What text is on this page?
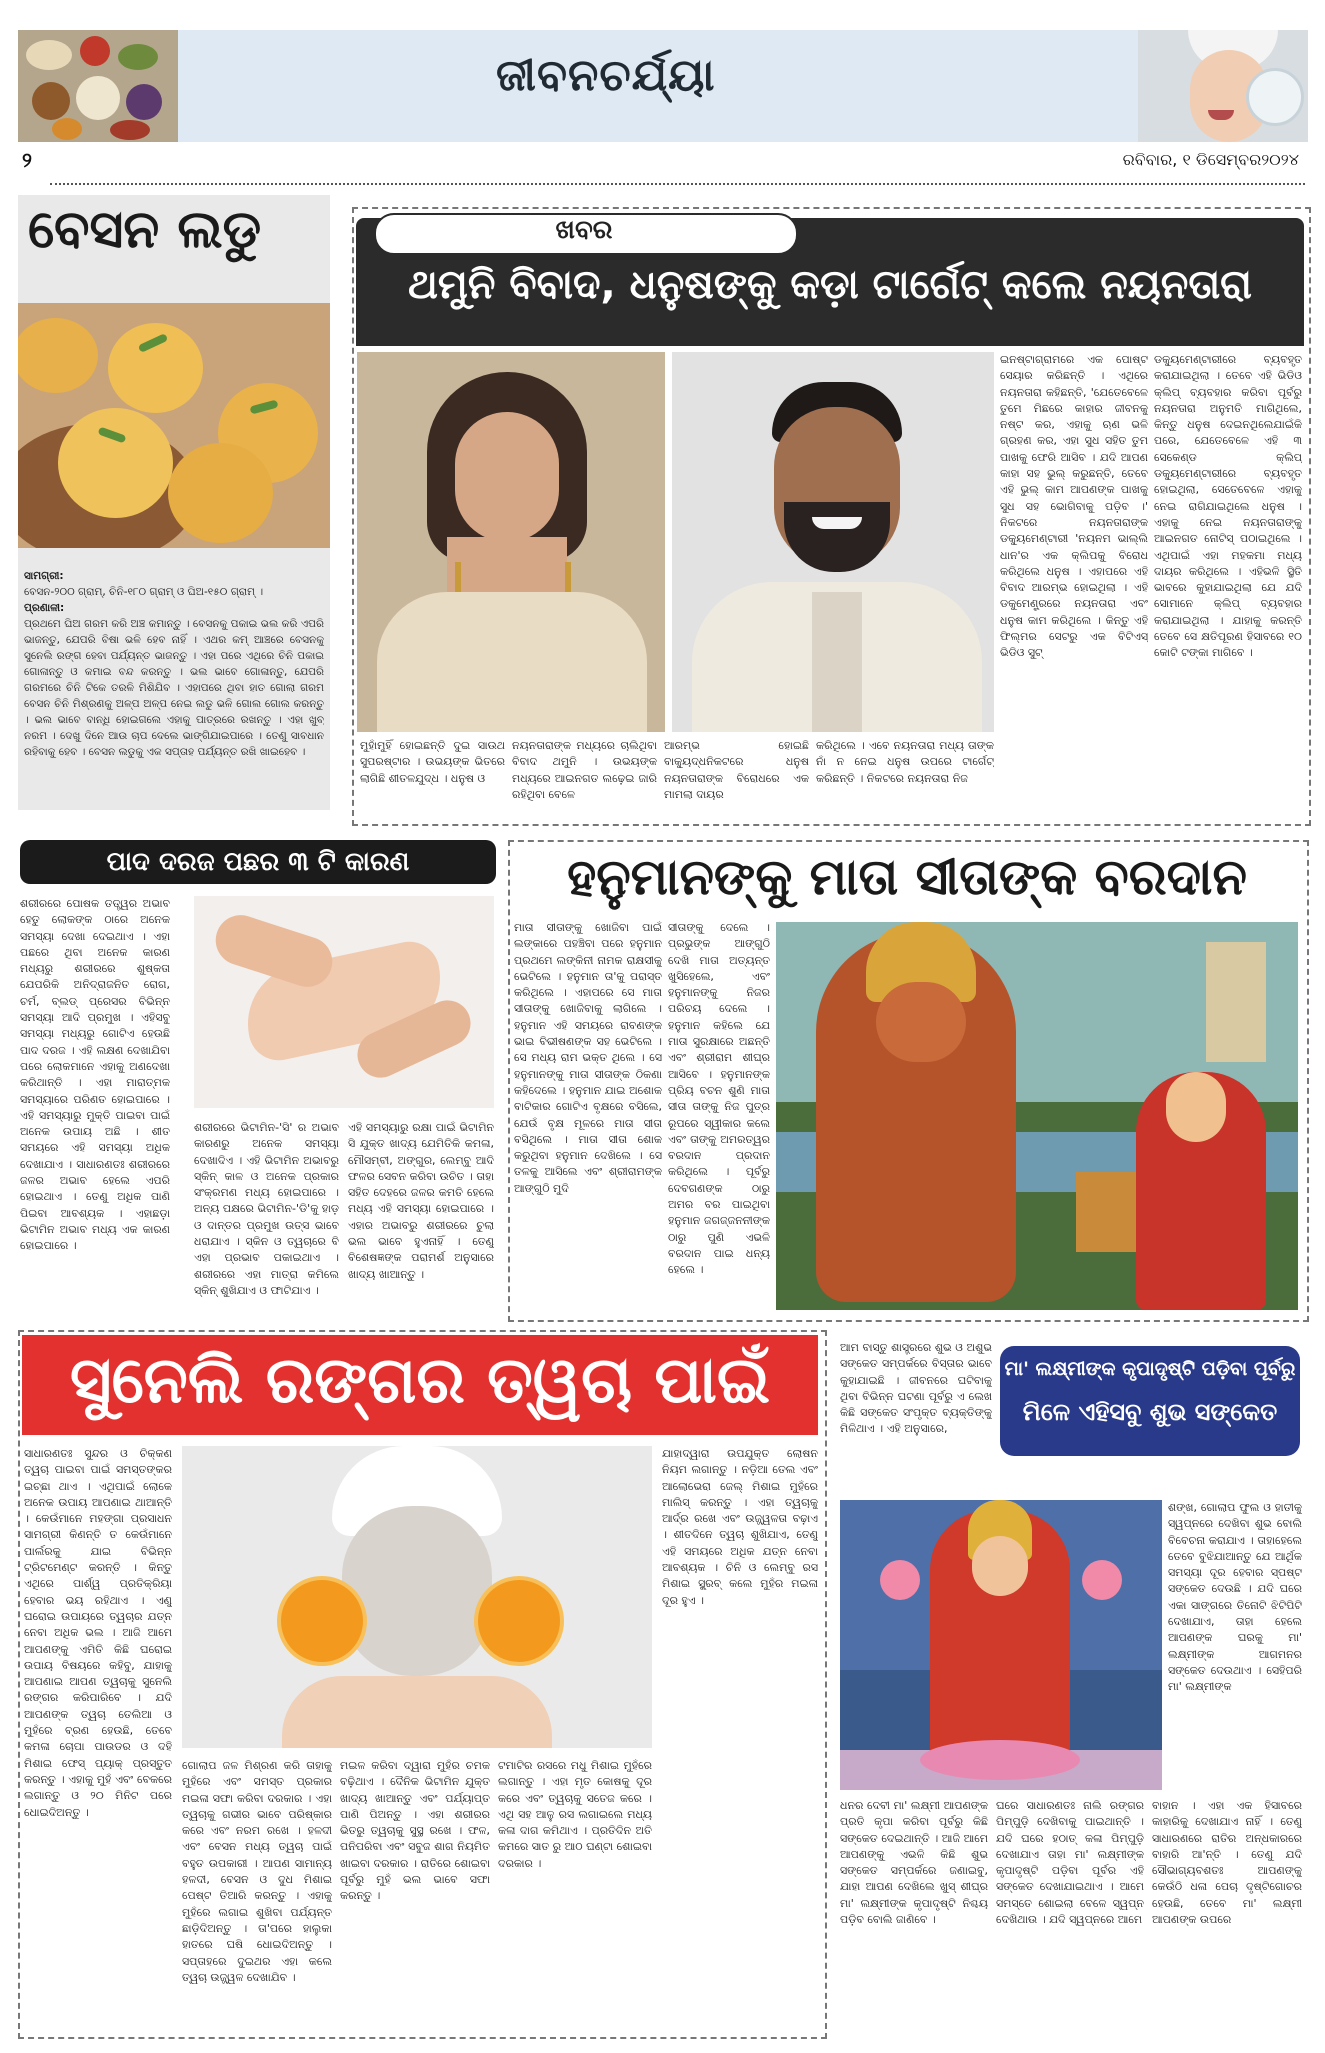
ଜୀବନଚର୍ଯ୍ୟା
୨	ରବିବାର, ୧ ଡିସେମ୍ବର୨୦୨୪
ବେସନ ଲଡୁ
ସାମଗ୍ରୀ:

ବେସନ-୨୦୦ ଗ୍ରାମ୍, ଚିନି-୧୮୦ ଗ୍ରାମ୍ ଓ ଘିଅ-୧୫୦ ଗ୍ରାମ୍ ।

ପ୍ରଣାଳୀ:

ପ୍ରଥମେ ଘିଅ ଗରମ କରି ଅଞ୍ଚ କମାନ୍ତୁ । ବେସନକୁ ପକାଇ ଭଲ କରି ଏପରି ଭାଜନ୍ତୁ, ଯେପରି ବିଷା ଭଳି ହେବ ନାହିଁ । ଏଥର କମ୍ ଆଞ୍ଚରେ ବେସନକୁ ସୁନେଲି ରଙ୍ଗ ହେବା ପର୍ଯ୍ୟନ୍ତ ଭାଜନ୍ତୁ । ଏହା ପରେ ଏଥିରେ ଚିନି ପକାଇ ଗୋଳାନ୍ତୁ ଓ କମାଇ ବନ୍ଦ କରନ୍ତୁ । ଭଲ ଭାବେ ଗୋଳାନ୍ତୁ, ଯେପରି ଗରମରେ ଚିନି ଟିକେ ତରଳି ମିଶିଯିବ । ଏହାପରେ ଥିବା ହାତ ଗୋଲା ଗରମ ବେସନ ଚିନି ମିଶ୍ରଣକୁ ଅଳ୍ପ ଅଳ୍ପ ନେଇ ଲଡୁ ଭଳି ଗୋଲ ଗୋଲ କରନ୍ତୁ । ଭଲ ଭାବେ ବାନ୍ଧି ହୋଇଗଲେ ଏହାକୁ ପାତ୍ରରେ ରଖନ୍ତୁ । ଏହା ଖୁବ୍ ନରମ । ଦେଖୁ ଦିନେ ଆଉ ଚାପ ଦେଲେ ଭାଙ୍ଗିଯାଇପାରେ । ତେଣୁ ସାବଧାନ ରହିବାକୁ ହେବ । ବେସନ ଲଡୁକୁ ଏକ ସପ୍ତାହ ପର୍ଯ୍ୟନ୍ତ ରଖି ଖାଇହେବ ।

ଖବର
ଥମୁନି ବିବାଦ, ଧନୁଷଙ୍କୁ କଡ଼ା ଟାର୍ଗେଟ୍ କଲେ ନୟନତାରା
ମୁହାଁମୁହିଁ ହୋଇଛନ୍ତି ଦୁଇ ସାଉଥ ସୁପରଷ୍ଟାର । ଉଭୟଙ୍କ ଭିତରେ ଲାଗିଛି ଶୀତଳଯୁଦ୍ଧ । ଧନୁଷ ଓ
ନୟନତାରାଙ୍କ ମଧ୍ୟରେ ଚାଲିଥିବା ବିବାଦ ଥମୁନି । ଉଭୟଙ୍କ ମଧ୍ୟରେ ଆଇନଗତ ଲଢ଼େଇ ଜାରି ରହିଥିବା ବେଳେ
ଆରମ୍ଭ ହୋଇଛି ବାକ୍ୟୁଦ୍ଧନିକଟରେ ଧନୁଷ ନୟନତାରାଙ୍କ ବିରୋଧରେ ଏକ ମାମଲା ଦାୟର
କରିଥିଲେ । ଏବେ ନୟନତାରା ମଧ୍ୟ ତାଙ୍କ ନାଁ ନ ନେଇ ଧନୁଷ ଉପରେ ଟାର୍ଗେଟ୍ କରିଛନ୍ତି । ନିକଟରେ ନୟନତାରା ନିଜ
ଇନଷ୍ଟାଗ୍ରାମରେ ଏକ ପୋଷ୍ଟ ସେୟାର କରିଛନ୍ତି । ଏଥିରେ ନୟନତାରା କହିଛନ୍ତି, 'ଯେତେବେଳେ ତୁମେ ମିଛରେ କାହାର ଜୀବନକୁ ନଷ୍ଟ କର, ଏହାକୁ ଋଣ ଭଳି ଗ୍ରହଣ କର, ଏହା ସୁଧ ସହିତ ତୁମ ପାଖକୁ ଫେରି ଆସିବ । ଯଦି ଆପଣ କାହା ସହ ଭୁଲ୍ କରୁଛନ୍ତି, ତେବେ ଏହି ଭୁଲ୍ କାମ ଆପଣଙ୍କ ପାଖକୁ ସୁଧ ସହ ଭୋଗିବାକୁ ପଡ଼ିବ ।' ନିକଟରେ ନୟନତାରାଙ୍କ ଡକ୍ୟୁମେଣ୍ଟାରୀ 'ନୟନମ ଭାଲ୍ଲି ଧାନ'ର ଏକ କ୍ଲିପକୁ ବିରୋଧ କରିଥିଲେ ଧନୁଷ । ଏହାପରେ ଏହି ବିବାଦ ଆରମ୍ଭ ହୋଇଥିଲା । ଏହି ଡକୁମେଣ୍ଟ୍ରରେ ନୟନତାରା ଏବଂ ଧନୁଷ କାମ କରିଥିଲେ । କିନ୍ତୁ ଏହି ଫିଲ୍ମର ସେଟରୁ ଏକ ବିଟିଏସ୍ ଭିଡିଓ ସୁଟ୍
ଡକ୍ୟୁମେଣ୍ଟାରୀରେ ବ୍ୟବହୃତ କରାଯାଇଥିଲା । ତେବେ ଏହି ଭିଡିଓ କ୍ଲିପ୍ ବ୍ୟବହାର କରିବା ପୂର୍ବରୁ ନୟନତାରା ଅନୁମତି ମାଗିଥିଲେ, କିନ୍ତୁ ଧନୁଷ ଦେଇନଥିଲେଯାଇଁକି ପରେ, ଯେତେବେଳେ ଏହି ୩ ସେକେଣ୍ଡ କ୍ଲିପ୍ ଡକ୍ୟୁମେଣ୍ଟାରୀରେ ବ୍ୟବହୃତ ହୋଇଥିଲା, ସେତେବେଳେ ଏହାକୁ ନେଇ ରାଗିଯାଇଥିଲେ ଧନୁଷ । ଏହାକୁ ନେଇ ନୟନତାରାଙ୍କୁ ଆଇନଗତ ନୋଟିସ୍ ପଠାଇଥିଲେ । ଏଥିପାଇଁ ଏହା ମହକମା ମଧ୍ୟ ଦାୟର କରିଥିଲେ । ଏହିଭଳି ସ୍ଥିତି ଭାବରେ କୁହାଯାଇଥିଲା ଯେ ଯଦି ସୋମାନେ କ୍ଲିପ୍ ବ୍ୟବହାର କରାଯାଇଥିଲା । ଯାହାକୁ କରନ୍ତି ତେବେ ସେ କ୍ଷତିପୂରଣ ହିସାବରେ ୧୦ କୋଟି ଟଙ୍କା ମାଗିବେ ।
ପାଦ ଦରଜ ପଛର ୩ ଟି କାରଣ
ଶରୀରରେ ପୋଷକ ତତ୍ତ୍ୱର ଅଭାବ ହେତୁ ଲୋକଙ୍କ ଠାରେ ଅନେକ ସମସ୍ୟା ଦେଖା ଦେଇଥାଏ । ଏହା ପଛରେ ଥିବା ଅନେକ କାରଣ ମଧ୍ୟରୁ ଶରୀରରେ ଶୁଷ୍କତା ଯେପରିକି ଅନିଦ୍ରାଜନିତ ରୋଗ, ଚର୍ମ, ବ୍ଲଡ୍ ପ୍ରେସର ବିଭିନ୍ନ ସମସ୍ୟା ଆଦି ପ୍ରମୁଖ । ଏହିସବୁ ସମସ୍ୟା ମଧ୍ୟରୁ ଗୋଟିଏ ହେଉଛି ପାଦ ଦରଜ । ଏହି ଲକ୍ଷଣ ଦେଖାଯିବା ପରେ ଲୋକମାନେ ଏହାକୁ ଅଣଦେଖା କରିଥାନ୍ତି । ଏହା ମାରାତ୍ମକ ସମସ୍ୟାରେ ପରିଣତ ହୋଇପାରେ । ଏହି ସମସ୍ୟାରୁ ମୁକ୍ତି ପାଇବା ପାଇଁ ଅନେକ ଉପାୟ ଅଛି । ଶୀତ ସମୟରେ ଏହି ସମସ୍ୟା ଅଧିକ ଦେଖାଯାଏ । ସାଧାରଣତଃ ଶରୀରରେ ଜଳର ଅଭାବ ହେଲେ ଏପରି ହୋଇଥାଏ । ତେଣୁ ଅଧିକ ପାଣି ପିଇବା ଆବଶ୍ୟକ । ଏହାଛଡ଼ା ଭିଟାମିନ ଅଭାବ ମଧ୍ୟ ଏକ କାରଣ ହୋଇପାରେ ।
ଶରୀରରେ ଭିଟାମିନ-'ସି' ର ଅଭାବ କାରଣରୁ ଅନେକ ସମସ୍ୟା ଦେଖାଦିଏ । ଏହି ଭିଟାମିନ ଅଭାବରୁ ସ୍କିନ୍ କାଳ ଓ ଅନେକ ପ୍ରକାର ସଂକ୍ରମଣ ମଧ୍ୟ ହୋଇପାରେ । ଅନ୍ୟ ପକ୍ଷରେ ଭିଟାମିନ-'ଡି'କୁ ହାଡ଼ ଓ ଦାନ୍ତର ପ୍ରମୁଖ ଉତ୍ସ ଭାବେ ଧରାଯାଏ । ସ୍କିନ ଓ ତ୍ୱଚାରେ ବି ଏହା ପ୍ରଭାବ ପକାଇଥାଏ । ଶରୀରରେ ଏହା ମାତ୍ରା କମିଲେ ସ୍କିନ୍ ଶୁଖିଯାଏ ଓ ଫାଟିଯାଏ ।
ଏହି ସମସ୍ୟାରୁ ରକ୍ଷା ପାଇଁ ଭିଟାମିନ ସି ଯୁକ୍ତ ଖାଦ୍ୟ ଯେମିତିକି କମଳା, ମୌସମ୍ବୀ, ଅଙ୍ଗୁର, ଲେମ୍ବୁ ଆଦି ଫଳର ସେବନ କରିବା ଉଚିତ । ତାହା ସହିତ ଦେହରେ ଜଳର କମତି ହେଲେ ମଧ୍ୟ ଏହି ସମସ୍ୟା ହୋଇପାରେ । ଏହାର ଅଭାବରୁ ଶରୀରରେ ଚୁଲା ଭଲ ଭାବେ ହୁଏନାହିଁ । ତେଣୁ ବିଶେଷଜ୍ଞଙ୍କ ପରାମର୍ଶ ଅନୁସାରେ ଖାଦ୍ୟ ଖାଆନ୍ତୁ ।
ହନୁମାନଙ୍କୁ ମାତା ସୀତାଙ୍କ ବରଦାନ
ମାତା ସୀତାଙ୍କୁ ଖୋଜିବା ପାଇଁ ଲଙ୍କାରେ ପହଞ୍ଚିବା ପରେ ହନୁମାନ ପ୍ରଥମେ ଲଙ୍କିନୀ ନାମକ ରାକ୍ଷସୀକୁ ଭେଟିଲେ । ହନୁମାନ ତା'କୁ ପରାସ୍ତ କରିଥିଲେ । ଏହାପରେ ସେ ମାତା ସୀତାଙ୍କୁ ଖୋଜିବାକୁ ଲାଗିଲେ । ହନୁମାନ ଏହି ସମୟରେ ରାବଣଙ୍କ ଭାଇ ବିଭୀଷଣଙ୍କ ସହ ଭେଟିଲେ । ସେ ମଧ୍ୟ ରାମ ଭକ୍ତ ଥିଲେ । ସେ ହନୁମାନଙ୍କୁ ମାତା ସୀତାଙ୍କ ଠିକଣା କହିଦେଲେ । ହନୁମାନ ଯାଇ ଅଶୋକ ବାଟିକାର ଗୋଟିଏ ବୃକ୍ଷରେ ବସିଲେ, ଯେଉଁ ବୃକ୍ଷ ମୂଳରେ ମାତା ସୀତା ବସିଥିଲେ । ମାତା ସୀତା ଶୋକ କରୁଥିବା ହନୁମାନ ଦେଖିଲେ । ସେ ତଳକୁ ଆସିଲେ ଏବଂ ଶ୍ରୀରାମଙ୍କ ଆଙ୍ଗୁଠି ମୁଦି
ସୀତାଙ୍କୁ ଦେଲେ । ପ୍ରଭୁଙ୍କ ଆଙ୍ଗୁଠି ଦେଖି ମାତା ଅତ୍ୟନ୍ତ ଖୁସିହେଲେ, ଏବଂ ହନୁମାନଙ୍କୁ ନିଜର ପରିଚୟ ଦେଲେ । ହନୁମାନ କହିଲେ ଯେ ମାତା ସୁରକ୍ଷାରେ ଅଛନ୍ତି ଏବଂ ଶ୍ରୀରାମ ଶୀଘ୍ର ଆସିବେ । ହନୁମାନଙ୍କ ପ୍ରିୟ ବଚନ ଶୁଣି ମାତା ସୀତା ତାଙ୍କୁ ନିଜ ପୁତ୍ର ରୂପରେ ସ୍ୱୀକାର କଲେ ଏବଂ ତାଙ୍କୁ ଅମରତ୍ୱର ବରଦାନ ପ୍ରଦାନ କରିଥିଲେ । ପୂର୍ବରୁ ଦେବଗଣଙ୍କ ଠାରୁ ଅମର ବର ପାଇଥିବା ହନୁମାନ ଜଗଜ୍ଜନନୀଙ୍କ ଠାରୁ ପୁଣି ଏଭଳି ବରଦାନ ପାଇ ଧନ୍ୟ ହେଲେ ।
ସୁନେଲି ରଙ୍ଗର ତ୍ୱଚା ପାଇଁ
ସାଧାରଣତଃ ସୁନ୍ଦର ଓ ଚିକ୍କଣ ତ୍ୱଚା ପାଇବା ପାଇଁ ସମସ୍ତଙ୍କର ଇଚ୍ଛା ଥାଏ । ଏଥିପାଇଁ ଲୋକେ ଅନେକ ଉପାୟ ଆପଣାଇ ଥାଆନ୍ତି । କେଉଁମାନେ ମହଙ୍ଗା ପ୍ରସାଧନ ସାମଗ୍ରୀ କିଣନ୍ତି ତ କେଉଁମାନେ ପାର୍ଲରକୁ ଯାଇ ବିଭିନ୍ନ ଟ୍ରିଟମେଣ୍ଟ କରନ୍ତି । କିନ୍ତୁ ଏଥିରେ ପାର୍ଶ୍ୱ ପ୍ରତିକ୍ରିୟା ହେବାର ଭୟ ରହିଥାଏ । ଏଣୁ ଘରୋଇ ଉପାୟରେ ତ୍ୱଚାର ଯତ୍ନ ନେବା ଅଧିକ ଭଲ । ଆଜି ଆମେ ଆପଣଙ୍କୁ ଏମିତି କିଛି ଘରୋଇ ଉପାୟ ବିଷୟରେ କହିବୁ, ଯାହାକୁ ଆପଣାଇ ଆପଣ ତ୍ୱଚାକୁ ସୁନେଲି ରଙ୍ଗର କରିପାରିବେ । ଯଦି ଆପଣଙ୍କ ତ୍ୱଚା ତେଲିଆ ଓ ମୁହଁରେ ବ୍ରଣ ହେଉଛି, ତେବେ କମଳା ଚୋପା ପାଉଡର ଓ ଦହି ମିଶାଇ ଫେସ୍ ପ୍ୟାକ୍ ପ୍ରସ୍ତୁତ କରନ୍ତୁ । ଏହାକୁ ମୁହଁ ଏବଂ ବେକରେ ଲଗାନ୍ତୁ ଓ ୨୦ ମିନିଟ ପରେ ଧୋଇଦିଅନ୍ତୁ ।
ଗୋଲାପ ଜଳ ମିଶ୍ରଣ କରି ତାହାକୁ ମୁହଁରେ ଏବଂ ସମସ୍ତ ପ୍ରକାର ମଇଳା ସଫା କରିବା ଦରକାର । ଏହା ତ୍ୱଚାକୁ ଗଭୀର ଭାବେ ପରିଷ୍କାର କରେ ଏବଂ ନରମ ରଖେ । ହଳଦୀ ଏବଂ ବେସନ ମଧ୍ୟ ତ୍ୱଚା ପାଇଁ ବହୁତ ଉପକାରୀ । ଆପଣ ସାମାନ୍ୟ ହଳଦୀ, ବେସନ ଓ ଦୁଧ ମିଶାଇ ପେଷ୍ଟ ତିଆରି କରନ୍ତୁ । ଏହାକୁ ମୁହଁରେ ଲଗାଇ ଶୁଖିବା ପର୍ଯ୍ୟନ୍ତ ଛାଡ଼ିଦିଅନ୍ତୁ । ତା'ପରେ ହାଲୁକା ହାତରେ ଘଷି ଧୋଇଦିଅନ୍ତୁ । ସପ୍ତାହରେ ଦୁଇଥର ଏହା କଲେ ତ୍ୱଚା ଉଜ୍ଜ୍ୱଳ ଦେଖାଯିବ ।
ମଇଳ କରିବା ଦ୍ୱାରା ମୁହଁର ଚମକ ବଢ଼ିଥାଏ । ଦୈନିକ ଭିଟାମିନ ଯୁକ୍ତ ଖାଦ୍ୟ ଖାଆନ୍ତୁ ଏବଂ ପର୍ଯ୍ୟାପ୍ତ ପାଣି ପିଅନ୍ତୁ । ଏହା ଶରୀରର ଭିତରୁ ତ୍ୱଚାକୁ ସୁସ୍ଥ ରଖେ । ଫଳ, ପନିପରିବା ଏବଂ ସବୁଜ ଶାଗ ନିୟମିତ ଖାଇବା ଦରକାର । ରାତିରେ ଶୋଇବା ପୂର୍ବରୁ ମୁହଁ ଭଲ ଭାବେ ସଫା କରନ୍ତୁ ।
ଟମାଟିର ରସରେ ମଧୁ ମିଶାଇ ମୁହଁରେ ଲଗାନ୍ତୁ । ଏହା ମୃତ କୋଷକୁ ଦୂର କରେ ଏବଂ ତ୍ୱଚାକୁ ସତେଜ କରେ । ଏଥି ସହ ଆଳୁ ରସ ଲଗାଇଲେ ମଧ୍ୟ କଳା ଦାଗ କମିଥାଏ । ପ୍ରତିଦିନ ଅତି କମରେ ସାତ ରୁ ଆଠ ଘଣ୍ଟା ଶୋଇବା ଦରକାର ।
ଯାହାଦ୍ୱାରା ଉପଯୁକ୍ତ ଲୋଷନ ନିୟମ ଲଗାନ୍ତୁ । ନଡ଼ିଆ ତେଲ ଏବଂ ଆଲୋଭେରା ଜେଲ୍ ମିଶାଇ ମୁହଁରେ ମାଲିସ୍ କରନ୍ତୁ । ଏହା ତ୍ୱଚାକୁ ଆର୍ଦ୍ର ରଖେ ଏବଂ ଉଜ୍ଜ୍ୱଳତା ବଢ଼ାଏ । ଶୀତଦିନେ ତ୍ୱଚା ଶୁଖିଯାଏ, ତେଣୁ ଏହି ସମୟରେ ଅଧିକ ଯତ୍ନ ନେବା ଆବଶ୍ୟକ । ଚିନି ଓ ଲେମ୍ବୁ ରସ ମିଶାଇ ସ୍କ୍ରବ୍ କଲେ ମୁହଁର ମଇଳା ଦୂର ହୁଏ ।
ଆମ ବାସ୍ତୁ ଶାସ୍ତ୍ରରେ ଶୁଭ ଓ ଅଶୁଭ ସଙ୍କେତ ସମ୍ପର୍କରେ ବିସ୍ତାର ଭାବେ କୁହାଯାଇଛି । ଜୀବନରେ ଘଟିବାକୁ ଥିବା ବିଭିନ୍ନ ଘଟଣା ପୂର୍ବରୁ ଏ ଲେଖ କିଛି ସଙ୍କେତ ସଂପୃକ୍ତ ବ୍ୟକ୍ତିଙ୍କୁ ମିଳିଥାଏ । ଏହି ଅନୁସାରେ,
ମା' ଲକ୍ଷ୍ମୀଙ୍କ କୃପାଦୃଷ୍ଟି ପଡ଼ିବା ପୂର୍ବରୁ
ମିଳେ ଏହିସବୁ ଶୁଭ ସଙ୍କେତ
ଶଙ୍ଖ, ଗୋଲାପ ଫୁଲ ଓ ହାତୀକୁ ସ୍ୱପ୍ନରେ ଦେଖିବା ଶୁଭ ବୋଲି ବିବେଚନା କରାଯାଏ । ତାହାହେଲେ ତେବେ ବୁଝିଯାଆନ୍ତୁ ଯେ ଆର୍ଥିକ ସମସ୍ୟା ଦୂର ହେବାର ସ୍ପଷ୍ଟ ସଙ୍କେତ ଦେଉଛି । ଯଦି ଘରେ ଏକା ସାଙ୍ଗରେ ତିନୋଟି ଝିଟିପିଟି ଦେଖାଯାଏ, ତାହା ହେଲେ ଆପଣଙ୍କ ଘରକୁ ମା' ଲକ୍ଷ୍ମୀଙ୍କ ଆଗମନର ସଙ୍କେତ ଦେଉଥାଏ । ସେହିପରି ମା' ଲକ୍ଷ୍ମୀଙ୍କ
ଧନର ଦେବୀ ମା' ଲକ୍ଷ୍ମୀ ଆପଣଙ୍କ ପ୍ରତି କୃପା କରିବା ପୂର୍ବରୁ କିଛି ସଙ୍କେତ ଦେଇଥାନ୍ତି । ଆଜି ଆମେ ଆପଣଙ୍କୁ ଏଭଳି କିଛି ଶୁଭ ସଙ୍କେତ ସମ୍ପର୍କରେ ଜଣାଇବୁ, ଯାହା ଆପଣ ଦେଖିଲେ ଖୁସ୍ ଶୀଘ୍ର ମା' ଲକ୍ଷ୍ମୀଙ୍କ କୃପାଦୃଷ୍ଟି ନିଶ୍ଚୟ ପଡ଼ିବ ବୋଲି ଜାଣିବେ ।
ଘରେ ସାଧାରଣତଃ ନାଲି ରଙ୍ଗର ପିମ୍ପୁଡ଼ି ଦେଖିବାକୁ ପାଇଥାନ୍ତି । ଯଦି ଘରେ ହଠାତ୍ କଳା ପିମ୍ପୁଡ଼ି ଦେଖାଯାଏ ତାହା ମା' ଲକ୍ଷ୍ମୀଙ୍କ କୃପାଦୃଷ୍ଟି ପଡ଼ିବା ପୂର୍ବର ଏହି ସଙ୍କେତ ଦେଖାଯାଇଥାଏ । ଆମେ ସମସ୍ତେ ଶୋଇଲା ବେଳେ ସ୍ୱପ୍ନ ଦେଖିଥାଉ । ଯଦି ସ୍ୱପ୍ନରେ ଆମେ
ବାହାନ । ଏହା ଏକ ହିସାବରେ କାହାରିକୁ ଦେଖାଯାଏ ନାହିଁ । ତେଣୁ ସାଧାରଣରେ ରାତିର ଅନ୍ଧକାରରେ ବାହାରି ଆ'ନ୍ତି । ତେଣୁ ଯଦି ସୌଭାଗ୍ୟବଶତଃ ଆପଣଙ୍କୁ କେଉଁଠି ଧଳା ପେଚା ଦୃଷ୍ଟିଗୋଚର ହେଉଛି, ତେବେ ମା' ଲକ୍ଷ୍ମୀ ଆପଣଙ୍କ ଉପରେ
